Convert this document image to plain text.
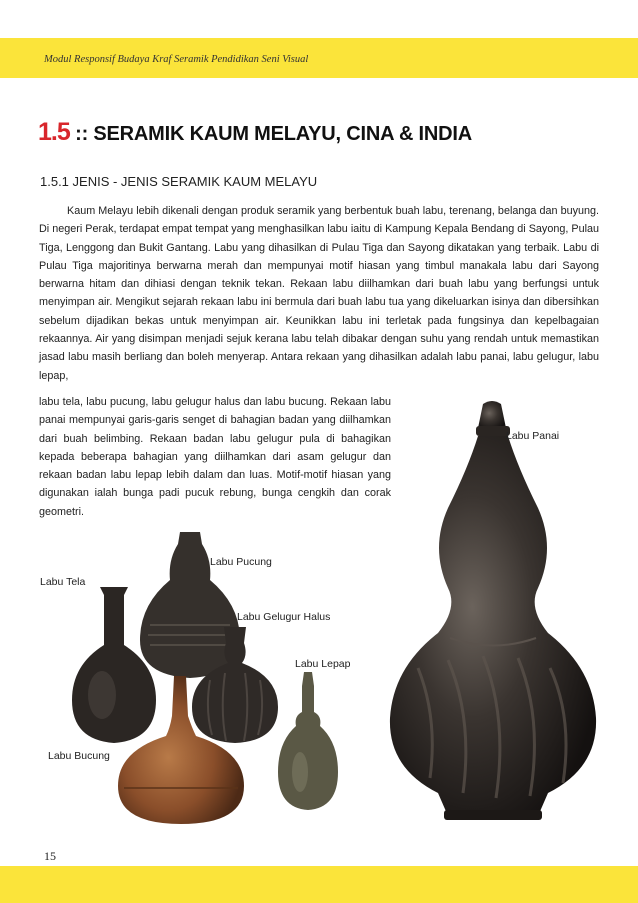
Modul Responsif Budaya Kraf Seramik Pendidikan Seni Visual
1.5 :: SERAMIK KAUM MELAYU, CINA & INDIA
1.5.1 JENIS - JENIS SERAMIK KAUM MELAYU

Kaum Melayu lebih dikenali dengan produk seramik yang berbentuk buah labu, terenang, belanga dan buyung. Di negeri Perak, terdapat empat tempat yang menghasilkan labu iaitu di Kampung Kepala Bendang di Sayong, Pulau Tiga, Lenggong dan Bukit Gantang. Labu yang dihasilkan di Pulau Tiga dan Sayong dikatakan yang terbaik. Labu di Pulau Tiga majoritinya berwarna merah dan mempunyai motif hiasan yang timbul manakala labu dari Sayong berwarna hitam dan dihiasi dengan teknik tekan. Rekaan labu diilhamkan dari buah labu yang berfungsi untuk menyimpan air. Mengikut sejarah rekaan labu ini bermula dari buah labu tua yang dikeluarkan isinya dan dibersihkan sebelum dijadikan bekas untuk menyimpan air. Keunikkan labu ini terletak pada fungsinya dan kepelbagaian rekaannya. Air yang disimpan menjadi sejuk kerana labu telah dibakar dengan suhu yang rendah untuk memastikan jasad labu masih berliang dan boleh menyerap. Antara rekaan yang dihasilkan adalah labu panai, labu gelugur, labu lepap,

labu tela, labu pucung, labu gelugur halus dan labu bucung. Rekaan labu panai mempunyai garis-garis senget di bahagian badan yang diilhamkan dari buah belimbing. Rekaan badan labu gelugur pula di bahagikan kepada beberapa bahagian yang diilhamkan dari asam gelugur dan rekaan badan labu lepap lebih dalam dan luas. Motif-motif hiasan yang digunakan ialah bunga padi pucuk rebung, bunga cengkih dan corak geometri.

Labu Panai
Labu Tela
Labu Pucung
Labu Gelugur Halus
Labu Lepap
Labu Bucung
15
